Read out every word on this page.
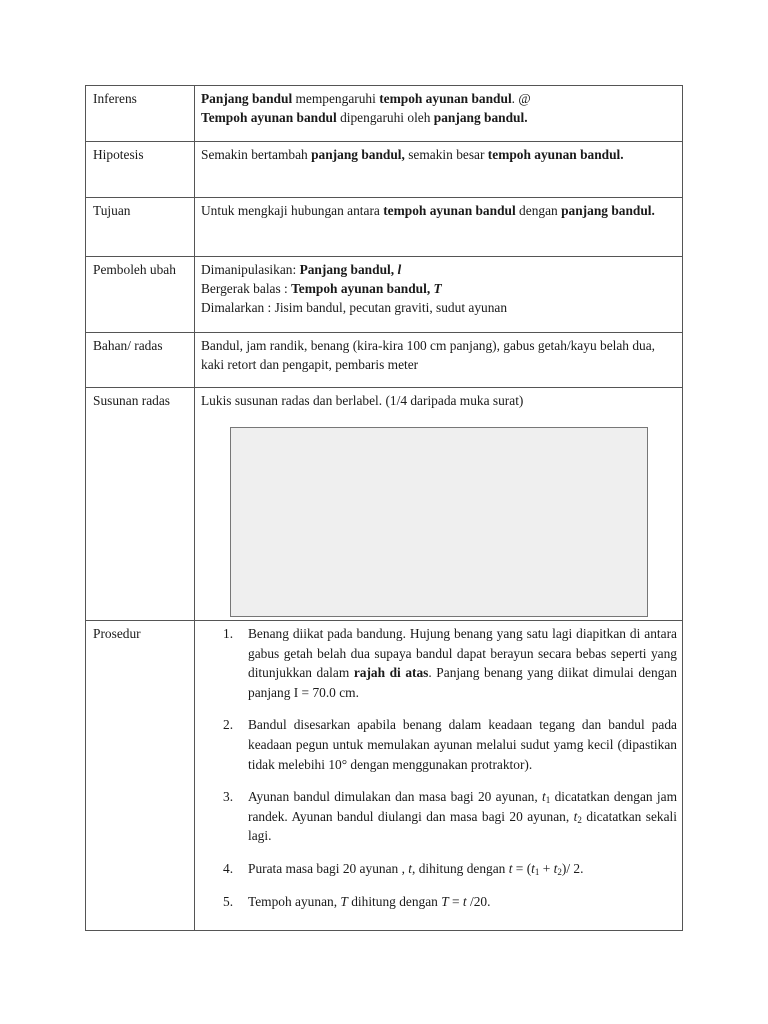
Inferens	Panjang bandul mempengaruhi tempoh ayunan bandul. @

Tempoh ayunan bandul dipengaruhi oleh panjang bandul.

Hipotesis	Semakin bertambah panjang bandul, semakin besar tempoh ayunan bandul.

Tujuan	Untuk mengkaji hubungan antara tempoh ayunan bandul dengan panjang bandul.

Pemboleh ubah	Dimanipulasikan: Panjang bandul, l

Bergerak balas : Tempoh ayunan bandul, T

Dimalarkan : Jisim bandul, pecutan graviti, sudut ayunan

Bahan/ radas	Bandul, jam randik, benang (kira-kira 100 cm panjang), gabus getah/kayu belah dua, kaki retort dan pengapit, pembaris meter
Susunan radas	Lukis susunan radas dan berlabel. (1/4 daripada muka surat)
Prosedur	1. Benang diikat pada bandung. Hujung benang yang satu lagi diapitkan di antara gabus getah belah dua supaya bandul dapat berayun secara bebas seperti yang ditunjukkan dalam rajah di atas. Panjang benang yang diikat dimulai dengan panjang I = 70.0 cm.
2. Bandul disesarkan apabila benang dalam keadaan tegang dan bandul pada keadaan pegun untuk memulakan ayunan melalui sudut yamg kecil (dipastikan tidak melebihi 10° dengan menggunakan protraktor).
3. Ayunan bandul dimulakan dan masa bagi 20 ayunan, $t_1$ dicatatkan dengan jam randek. Ayunan bandul diulangi dan masa bagi 20 ayunan, $t_2$ dicatatkan sekali lagi.
4. Purata masa bagi 20 ayunan , t, dihitung dengan $t = (t_1 + t_2)/$ 2.
5. Tempoh ayunan, T dihitung dengan T = t /20.
